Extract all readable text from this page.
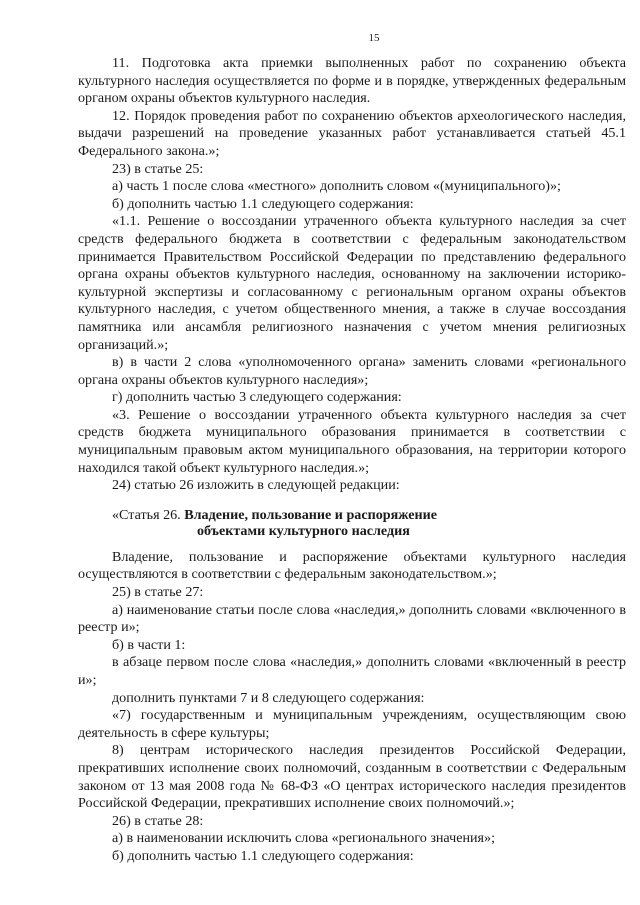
15

11. Подготовка акта приемки выполненных работ по сохранению объекта культурного наследия осуществляется по форме и в порядке, утвержденных федеральным органом охраны объектов культурного наследия.

12. Порядок проведения работ по сохранению объектов археологического наследия, выдачи разрешений на проведение указанных работ устанавливается статьей 45.1 Федерального закона.»;

23) в статье 25:

а) часть 1 после слова «местного» дополнить словом «(муниципального)»;

б) дополнить частью 1.1 следующего содержания:

«1.1. Решение о воссоздании утраченного объекта культурного наследия за счет средств федерального бюджета в соответствии с федеральным законодательством принимается Правительством Российской Федерации по представлению федерального органа охраны объектов культурного наследия, основанному на заключении историко-культурной экспертизы и согласованному с региональным органом охраны объектов культурного наследия, с учетом общественного мнения, а также в случае воссоздания памятника или ансамбля религиозного назначения с учетом мнения религиозных организаций.»;

в) в части 2 слова «уполномоченного органа» заменить словами «регионального органа охраны объектов культурного наследия»;

г) дополнить частью 3 следующего содержания:

«3. Решение о воссоздании утраченного объекта культурного наследия за счет средств бюджета муниципального образования принимается в соответствии с муниципальным правовым актом муниципального образования, на территории которого находился такой объект культурного наследия.»;

24) статью 26 изложить в следующей редакции:

«Статья 26. Владение, пользование и распоряжение
объектами культурного наследия

Владение, пользование и распоряжение объектами культурного наследия осуществляются в соответствии с федеральным законодательством.»;

25) в статье 27:

а) наименование статьи после слова «наследия,» дополнить словами «включенного в реестр и»;

б) в части 1:

в абзаце первом после слова «наследия,» дополнить словами «включенный в реестр и»;

дополнить пунктами 7 и 8 следующего содержания:

«7) государственным и муниципальным учреждениям, осуществляющим свою деятельность в сфере культуры;

8) центрам исторического наследия президентов Российской Федерации, прекративших исполнение своих полномочий, созданным в соответствии с Федеральным законом от 13 мая 2008 года № 68-ФЗ «О центрах исторического наследия президентов Российской Федерации, прекративших исполнение своих полномочий.»;

26) в статье 28:

а) в наименовании исключить слова «регионального значения»;

б) дополнить частью 1.1 следующего содержания:
